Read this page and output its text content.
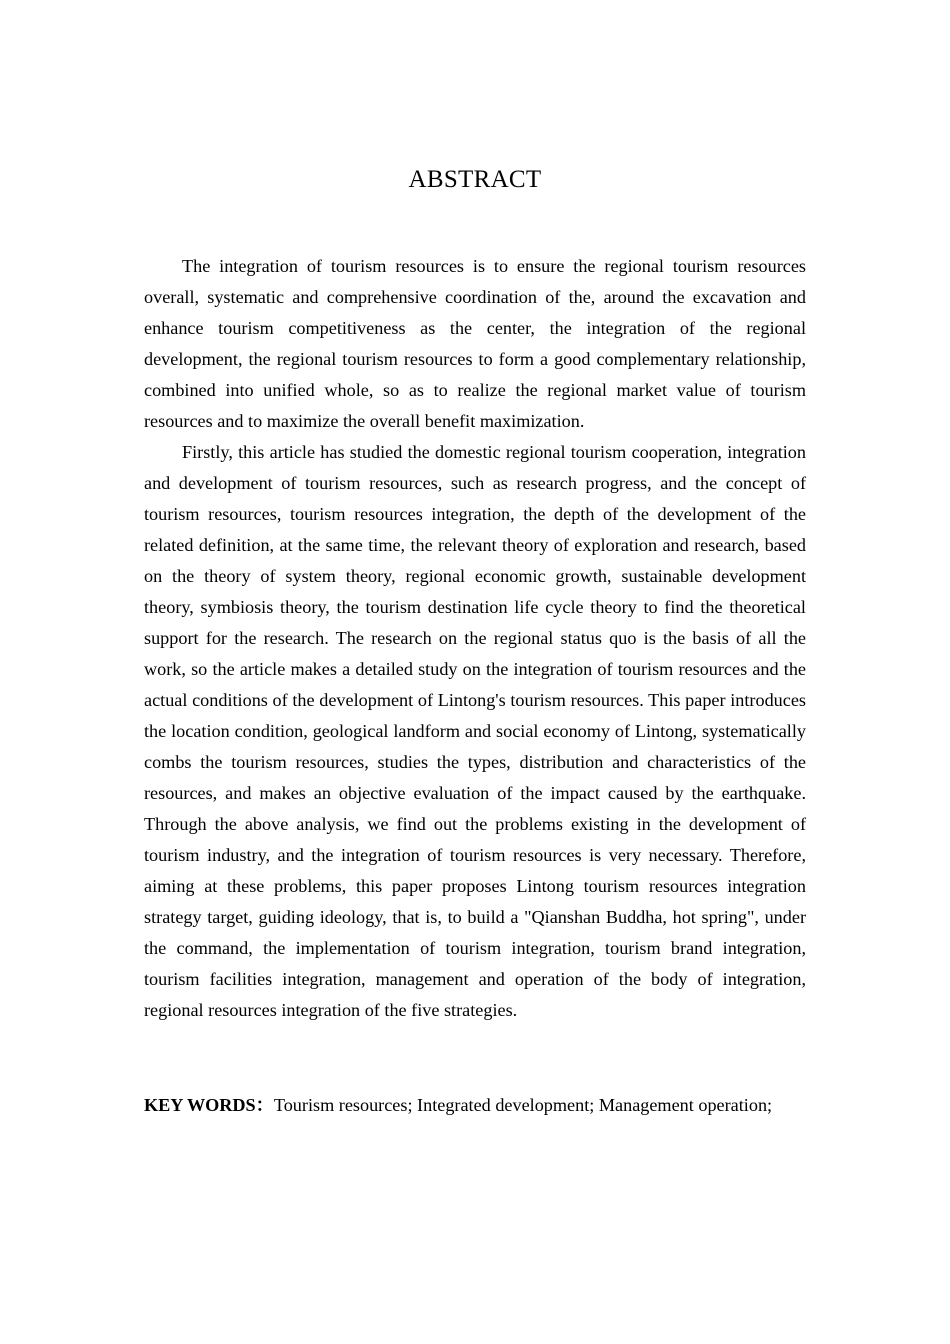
ABSTRACT

The integration of tourism resources is to ensure the regional tourism resources overall, systematic and comprehensive coordination of the, around the excavation and enhance tourism competitiveness as the center, the integration of the regional development, the regional tourism resources to form a good complementary relationship, combined into unified whole, so as to realize the regional market value of tourism resources and to maximize the overall benefit maximization.

Firstly, this article has studied the domestic regional tourism cooperation, integration and development of tourism resources, such as research progress, and the concept of tourism resources, tourism resources integration, the depth of the development of the related definition, at the same time, the relevant theory of exploration and research, based on the theory of system theory, regional economic growth, sustainable development theory, symbiosis theory, the tourism destination life cycle theory to find the theoretical support for the research. The research on the regional status quo is the basis of all the work, so the article makes a detailed study on the integration of tourism resources and the actual conditions of the development of Lintong's tourism resources. This paper introduces the location condition, geological landform and social economy of Lintong, systematically combs the tourism resources, studies the types, distribution and characteristics of the resources, and makes an objective evaluation of the impact caused by the earthquake. Through the above analysis, we find out the problems existing in the development of tourism industry, and the integration of tourism resources is very necessary. Therefore, aiming at these problems, this paper proposes Lintong tourism resources integration strategy target, guiding ideology, that is, to build a "Qianshan Buddha, hot spring", under the command, the implementation of tourism integration, tourism brand integration, tourism facilities integration, management and operation of the body of integration, regional resources integration of the five strategies.

KEY WORDS：Tourism resources; Integrated development; Management operation;
